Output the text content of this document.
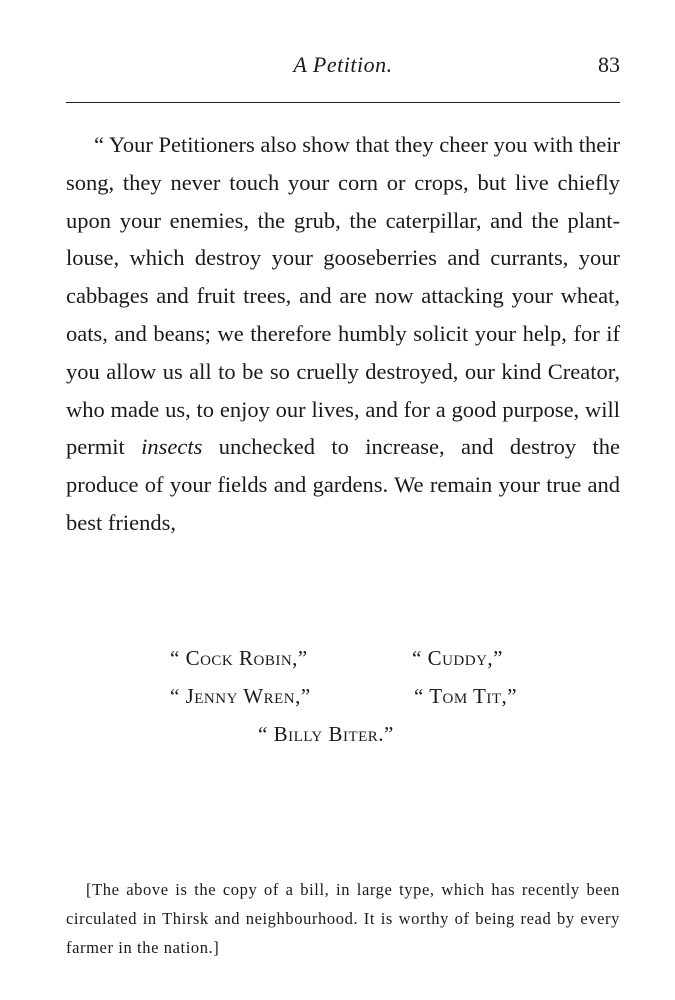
A Petition.	83

“ Your Petitioners also show that they cheer you with their song, they never touch your corn or crops, but live chiefly upon your enemies, the grub, the caterpillar, and the plant-louse, which destroy your gooseberries and currants, your cabbages and fruit trees, and are now attacking your wheat, oats, and beans; we therefore humbly solicit your help, for if you allow us all to be so cruelly destroyed, our kind Creator, who made us, to enjoy our lives, and for a good purpose, will permit insects unchecked to increase, and destroy the produce of your fields and gardens. We remain your true and best friends,

“ Cock Robin,”	“ Cuddy,”
“ Jenny Wren,”	“ Tom Tit,”
“ Billy Biter.”

[The above is the copy of a bill, in large type, which has recently been circulated in Thirsk and neighbourhood. It is worthy of being read by every farmer in the nation.]
